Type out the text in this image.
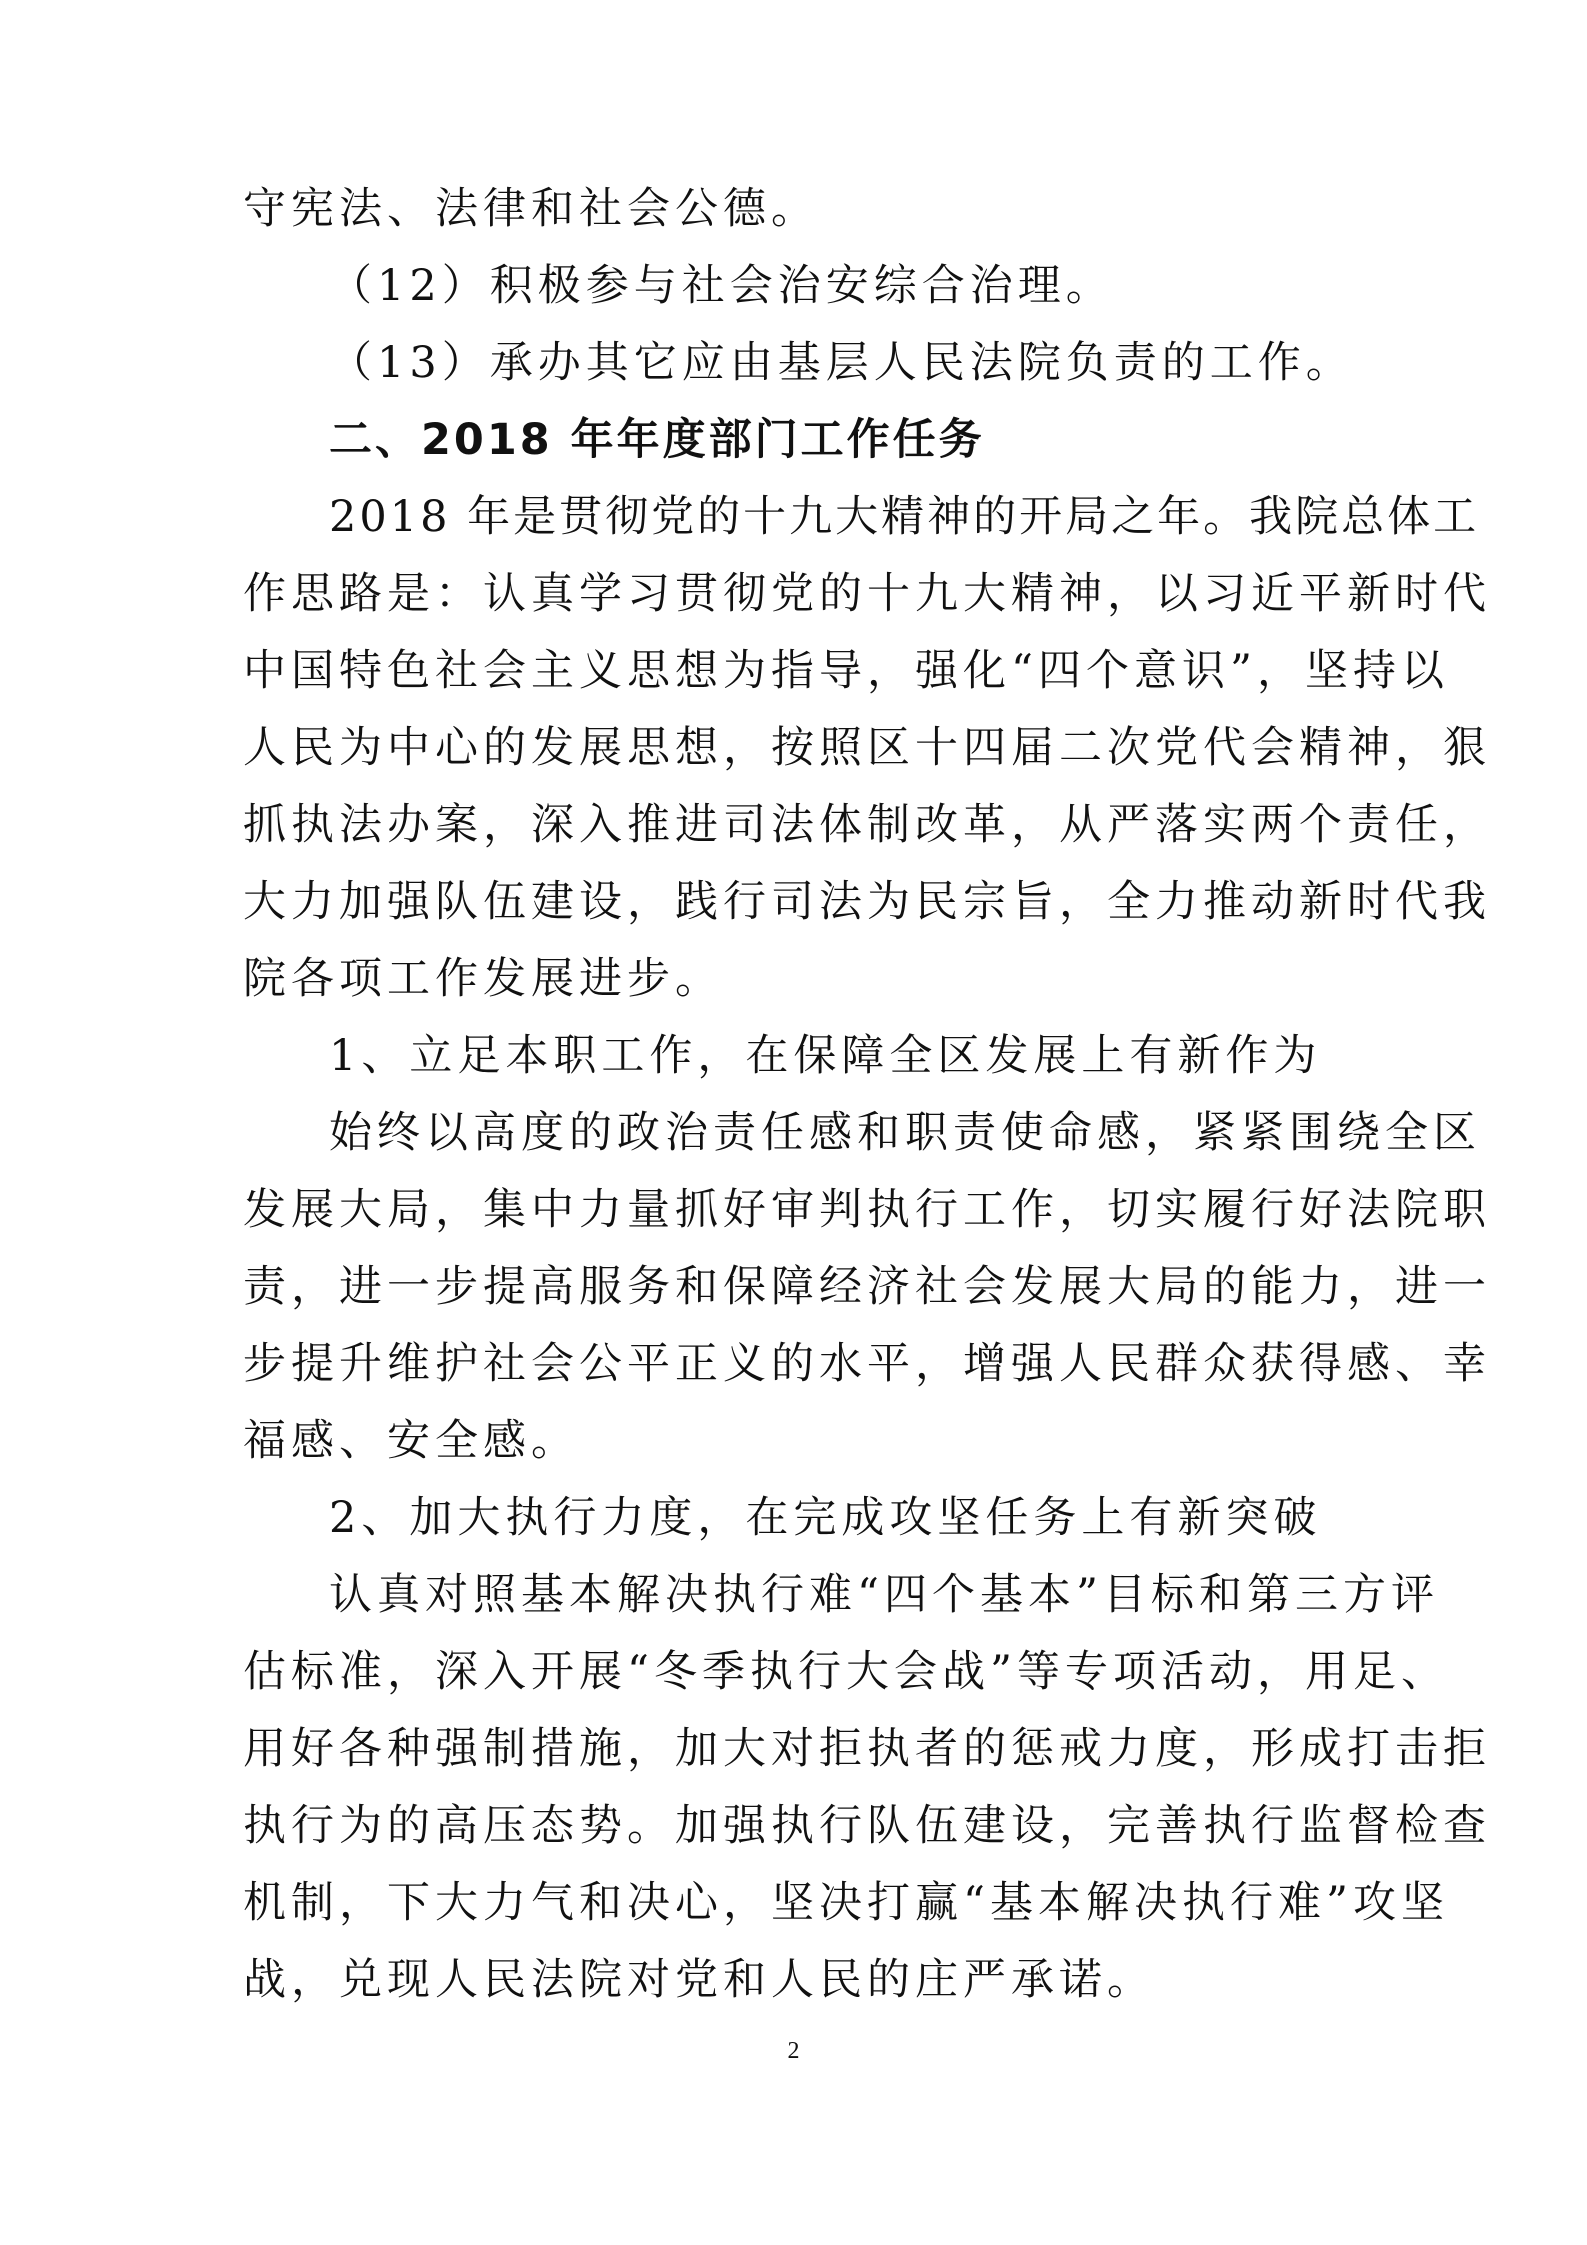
守宪法、法律和社会公德。
（12）积极参与社会治安综合治理。
（13）承办其它应由基层人民法院负责的工作。
二、2018 年年度部门工作任务
2018 年是贯彻党的十九大精神的开局之年。我院总体工
作思路是：认真学习贯彻党的十九大精神，以习近平新时代
中国特色社会主义思想为指导，强化“四个意识”，坚持以
人民为中心的发展思想，按照区十四届二次党代会精神，狠
抓执法办案，深入推进司法体制改革，从严落实两个责任，
大力加强队伍建设，践行司法为民宗旨，全力推动新时代我
院各项工作发展进步。
1、立足本职工作，在保障全区发展上有新作为
始终以高度的政治责任感和职责使命感，紧紧围绕全区
发展大局，集中力量抓好审判执行工作，切实履行好法院职
责，进一步提高服务和保障经济社会发展大局的能力，进一
步提升维护社会公平正义的水平，增强人民群众获得感、幸
福感、安全感。
2、加大执行力度，在完成攻坚任务上有新突破
认真对照基本解决执行难“四个基本”目标和第三方评
估标准，深入开展“冬季执行大会战”等专项活动，用足、
用好各种强制措施，加大对拒执者的惩戒力度，形成打击拒
执行为的高压态势。加强执行队伍建设，完善执行监督检查
机制，下大力气和决心，坚决打赢“基本解决执行难”攻坚
战，兑现人民法院对党和人民的庄严承诺。
2
